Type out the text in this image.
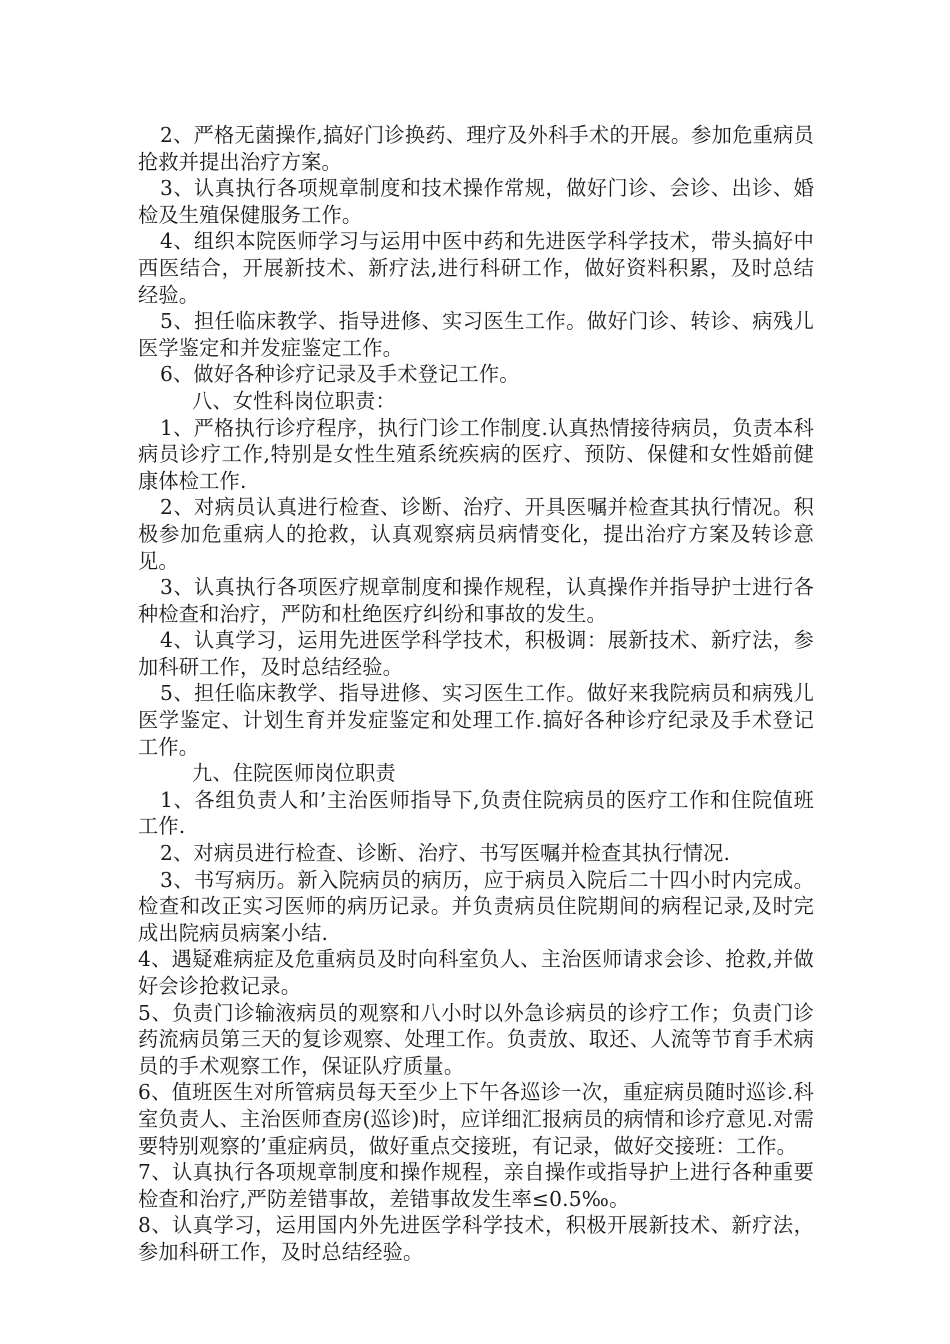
2、严格无菌操作,搞好门诊换药、理疗及外科手术的开展。参加危重病员抢救并提出治疗方案。

3、认真执行各项规章制度和技术操作常规，做好门诊、会诊、出诊、婚检及生殖保健服务工作。

4、组织本院医师学习与运用中医中药和先进医学科学技术，带头搞好中西医结合，开展新技术、新疗法,进行科研工作，做好资料积累，及时总结经验。

5、担任临床教学、指导进修、实习医生工作。做好门诊、转诊、病残儿医学鉴定和并发症鉴定工作。

6、做好各种诊疗记录及手术登记工作。

八、女性科岗位职责：

1、严格执行诊疗程序，执行门诊工作制度.认真热情接待病员，负责本科病员诊疗工作,特别是女性生殖系统疾病的医疗、预防、保健和女性婚前健康体检工作.

2、对病员认真进行检查、诊断、治疗、开具医嘱并检查其执行情况。积极参加危重病人的抢救，认真观察病员病情变化，提出治疗方案及转诊意见。

3、认真执行各项医疗规章制度和操作规程，认真操作并指导护士进行各种检查和治疗，严防和杜绝医疗纠纷和事故的发生。

4、认真学习，运用先进医学科学技术，积极调：展新技术、新疗法，参加科研工作，及时总结经验。

5、担任临床教学、指导进修、实习医生工作。做好来我院病员和病残儿医学鉴定、计划生育并发症鉴定和处理工作.搞好各种诊疗纪录及手术登记工作。

九、住院医师岗位职责

1、各组负责人和’主治医师指导下,负责住院病员的医疗工作和住院值班工作.

2、对病员进行检查、诊断、治疗、书写医嘱并检查其执行情况.

3、书写病历。新入院病员的病历，应于病员入院后二十四小时内完成。检查和改正实习医师的病历记录。并负责病员住院期间的病程记录,及时完成出院病员病案小结.

4、遇疑难病症及危重病员及时向科室负人、主治医师请求会诊、抢救,并做好会诊抢救记录。

5、负责门诊输液病员的观察和八小时以外急诊病员的诊疗工作；负责门诊药流病员第三天的复诊观察、处理工作。负责放、取还、人流等节育手术病员的手术观察工作，保证队疗质量。

6、值班医生对所管病员每天至少上下午各巡诊一次，重症病员随时巡诊.科室负责人、主治医师查房(巡诊)时，应详细汇报病员的病情和诊疗意见.对需要特别观察的’重症病员，做好重点交接班，有记录，做好交接班：工作。

7、认真执行各项规章制度和操作规程，亲自操作或指导护上进行各种重要检查和治疗,严防差错事故，差错事故发生率≤0.5‰。

8、认真学习，运用国内外先进医学科学技术，积极开展新技术、新疗法，参加科研工作，及时总结经验。
